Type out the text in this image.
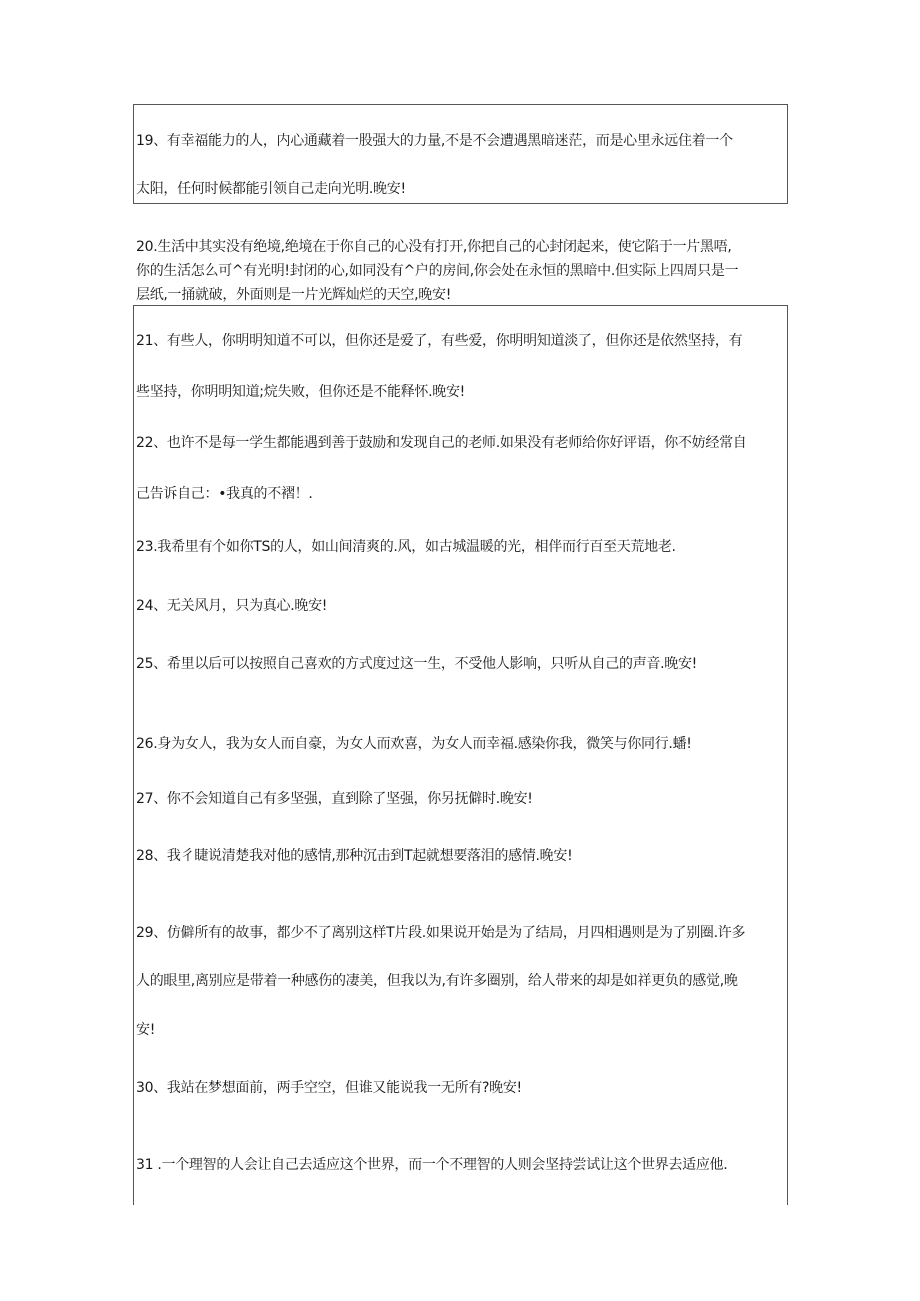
19、有幸福能力的人，内心通藏着一股强大的力量,不是不会遭遇黑暗迷茫，而是心里永远住着一个
太阳，任何时候都能引领自己走向光明.晚安!
20.生活中其实没有绝境,绝境在于你自己的心没有打开,你把自己的心封闭起来，使它陷于一片黑唔,
你的生活怎么可^有光明!封闭的心,如同没有^户的房间,你会处在永恒的黑暗中.但实际上四周只是一
层纸,一捅就破，外面则是一片光辉灿烂的天空,晚安!
21、有些人，你明明知道不可以，但你还是爱了，有些爱，你明明知道淡了，但你还是依然坚持，有
些坚持，你明明知道;烷失败，但你还是不能释怀.晚安!
22、也许不是每一学生都能遇到善于鼓励和发现自己的老师.如果没有老师给你好评语，你不妨经常自
己告诉自己：•我真的不褶！.
23.我希里有个如你TS的人，如山间清爽的.风，如古城温暖的光，相伴而行百至天荒地老.
24、无关风月，只为真心.晚安!
25、希里以后可以按照自己喜欢的方式度过这一生，不受他人影响，只听从自己的声音.晚安!
26.身为女人，我为女人而自豪，为女人而欢喜，为女人而幸福.感染你我，微笑与你同行.蟠!
27、你不会知道自己有多坚强，直到除了坚强，你另抚僻时.晚安!
28、我彳睫说清楚我对他的感情,那种沉击到T起就想要落泪的感情.晚安!
29、仿僻所有的故事，都少不了离别这样T片段.如果说开始是为了结局，月四相遇则是为了别圈.许多
人的眼里,离别应是带着一种感伤的凄美，但我以为,有许多圈别，给人带来的却是如祥更负的感觉,晚
安!
30、我站在梦想面前，两手空空，但谁又能说我一无所有?晚安!
31 .一个理智的人会让自己去适应这个世界，而一个不理智的人则会坚持尝试让这个世界去适应他.
